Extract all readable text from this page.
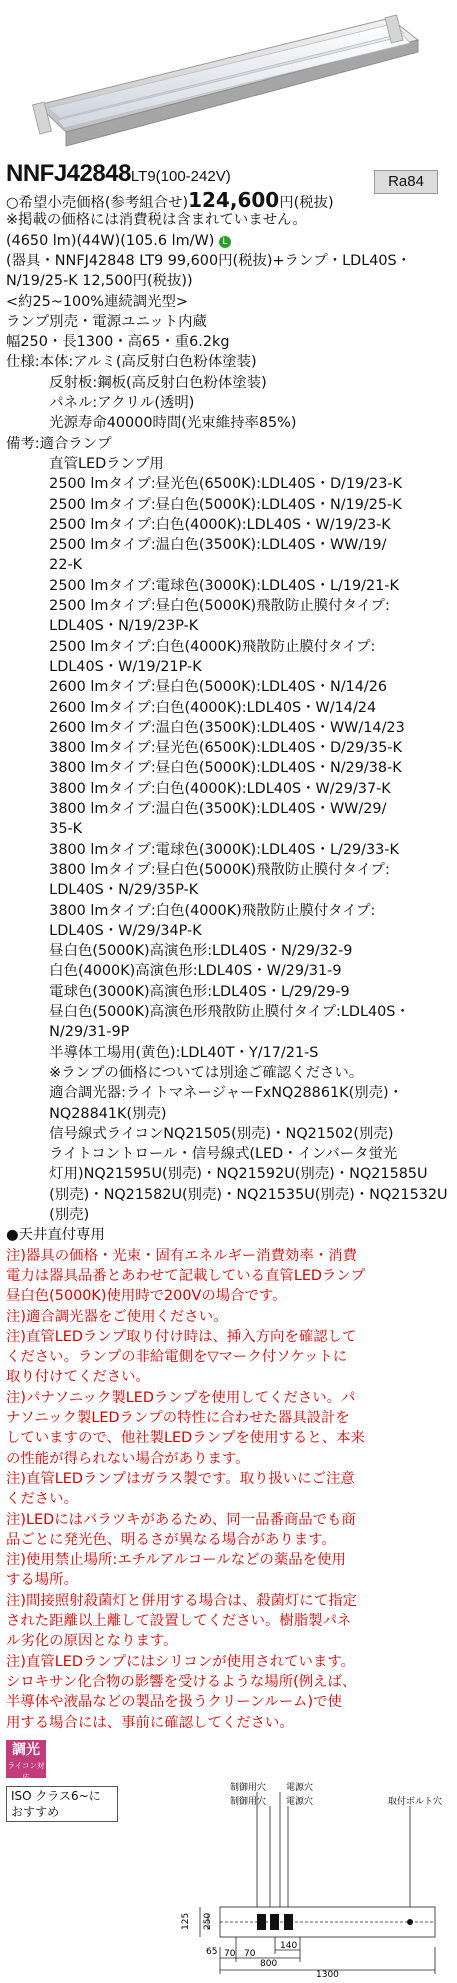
NNFJ42848LT9(100-242V)	Ra84
○希望小売価格(参考組合せ)124,600円(税抜)
※掲載の価格には消費税は含まれていません。
(4650 lm)(44W)(105.6 lm/W) L
(器具・NNFJ42848 LT9 99,600円(税抜)+ランプ・LDL40S・
N/19/25-K 12,500円(税抜))
<約25~100%連続調光型>
ランプ別売・電源ユニット内蔵
幅250・長1300・高65・重6.2kg
仕様:本体:アルミ(高反射白色粉体塗装)
　　　反射板:鋼板(高反射白色粉体塗装)
　　　パネル:アクリル(透明)
　　　光源寿命40000時間(光束維持率85%)
備考:適合ランプ
　　　直管LEDランプ用
　　　2500 lmタイプ:昼光色(6500K):LDL40S・D/19/23-K
　　　2500 lmタイプ:昼白色(5000K):LDL40S・N/19/25-K
　　　2500 lmタイプ:白色(4000K):LDL40S・W/19/23-K
　　　2500 lmタイプ:温白色(3500K):LDL40S・WW/19/
　　　22-K
　　　2500 lmタイプ:電球色(3000K):LDL40S・L/19/21-K
　　　2500 lmタイプ:昼白色(5000K)飛散防止膜付タイプ:
　　　LDL40S・N/19/23P-K
　　　2500 lmタイプ:白色(4000K)飛散防止膜付タイプ:
　　　LDL40S・W/19/21P-K
　　　2600 lmタイプ:昼白色(5000K):LDL40S・N/14/26
　　　2600 lmタイプ:白色(4000K):LDL40S・W/14/24
　　　2600 lmタイプ:温白色(3500K):LDL40S・WW/14/23
　　　3800 lmタイプ:昼光色(6500K):LDL40S・D/29/35-K
　　　3800 lmタイプ:昼白色(5000K):LDL40S・N/29/38-K
　　　3800 lmタイプ:白色(4000K):LDL40S・W/29/37-K
　　　3800 lmタイプ:温白色(3500K):LDL40S・WW/29/
　　　35-K
　　　3800 lmタイプ:電球色(3000K):LDL40S・L/29/33-K
　　　3800 lmタイプ:昼白色(5000K)飛散防止膜付タイプ:
　　　LDL40S・N/29/35P-K
　　　3800 lmタイプ:白色(4000K)飛散防止膜付タイプ:
　　　LDL40S・W/29/34P-K
　　　昼白色(5000K)高演色形:LDL40S・N/29/32-9
　　　白色(4000K)高演色形:LDL40S・W/29/31-9
　　　電球色(3000K)高演色形:LDL40S・L/29/29-9
　　　昼白色(5000K)高演色形飛散防止膜付タイプ:LDL40S・
　　　N/29/31-9P
　　　半導体工場用(黄色):LDL40T・Y/17/21-S
　　　※ランプの価格については別途ご確認ください。
　　　適合調光器:ライトマネージャーFxNQ28861K(別売)・
　　　NQ28841K(別売)
　　　信号線式ライコンNQ21505(別売)・NQ21502(別売)
　　　ライトコントロール・信号線式(LED・インバータ蛍光
　　　灯用)NQ21595U(別売)・NQ21592U(別売)・NQ21585U
　　　(別売)・NQ21582U(別売)・NQ21535U(別売)・NQ21532U
　　　(別売)
●天井直付専用
注)器具の価格・光束・固有エネルギー消費効率・消費
電力は器具品番とあわせて記載している直管LEDランプ
昼白色(5000K)使用時で200Vの場合です。
注)適合調光器をご使用ください。
注)直管LEDランプ取り付け時は、挿入方向を確認して
ください。ランプの非給電側を▽マーク付ソケットに
取り付けてください。
注)パナソニック製LEDランプを使用してください。パ
ナソニック製LEDランプの特性に合わせた器具設計を
していますので、他社製LEDランプを使用すると、本来
の性能が得られない場合があります。
注)直管LEDランプはガラス製です。取り扱いにご注意
ください。
注)LEDにはバラツキがあるため、同一品番商品でも商
品ごとに発光色、明るさが異なる場合があります。
注)使用禁止場所:エチルアルコールなどの薬品を使用
する場所。
注)間接照射殺菌灯と併用する場合は、殺菌灯にて指定
された距離以上離して設置してください。樹脂製パネ
ル劣化の原因となります。
注)直管LEDランプにはシリコンが使用されています。
シロキサン化合物の影響を受けるような場所(例えば、
半導体や液晶などの製品を扱うクリーンルーム)で使
用する場合には、事前に確認してください。
調光
ライコン対応
ISO クラス6~に
おすすめ
制御用穴
制御用穴
電源穴
電源穴	取付ボルト穴
140
70 70
800
1300
65
125 250
